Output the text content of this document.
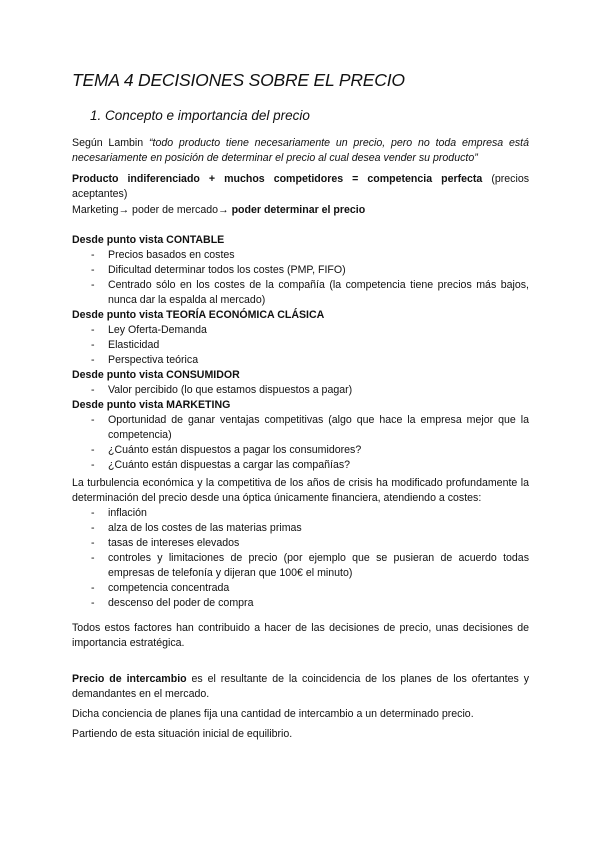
TEMA 4 DECISIONES SOBRE EL PRECIO
1. Concepto e importancia del precio

Según Lambin “todo producto tiene necesariamente un precio, pero no toda empresa está necesariamente en posición de determinar el precio al cual desea vender su producto”

Producto indiferenciado + muchos competidores = competencia perfecta (precios aceptantes)

Marketing→ poder de mercado→ poder determinar el precio

Desde punto vista CONTABLE
- Precios basados en costes
- Dificultad determinar todos los costes (PMP, FIFO)
- Centrado sólo en los costes de la compañía (la competencia tiene precios más bajos, nunca dar la espalda al mercado)
Desde punto vista TEORÍA ECONÓMICA CLÁSICA
- Ley Oferta-Demanda
- Elasticidad
- Perspectiva teórica
Desde punto vista CONSUMIDOR
- Valor percibido (lo que estamos dispuestos a pagar)
Desde punto vista MARKETING
- Oportunidad de ganar ventajas competitivas (algo que hace la empresa mejor que la competencia)
- ¿Cuánto están dispuestos a pagar los consumidores?
- ¿Cuánto están dispuestas a cargar las compañías?

La turbulencia económica y la competitiva de los años de crisis ha modificado profundamente la determinación del precio desde una óptica únicamente financiera, atendiendo a costes:

- inflación
- alza de los costes de las materias primas
- tasas de intereses elevados
- controles y limitaciones de precio (por ejemplo que se pusieran de acuerdo todas empresas de telefonía y dijeran que 100€ el minuto)
- competencia concentrada
- descenso del poder de compra

Todos estos factores han contribuido a hacer de las decisiones de precio, unas decisiones de importancia estratégica.

Precio de intercambio es el resultante de la coincidencia de los planes de los ofertantes y demandantes en el mercado.

Dicha conciencia de planes fija una cantidad de intercambio a un determinado precio.

Partiendo de esta situación inicial de equilibrio.
